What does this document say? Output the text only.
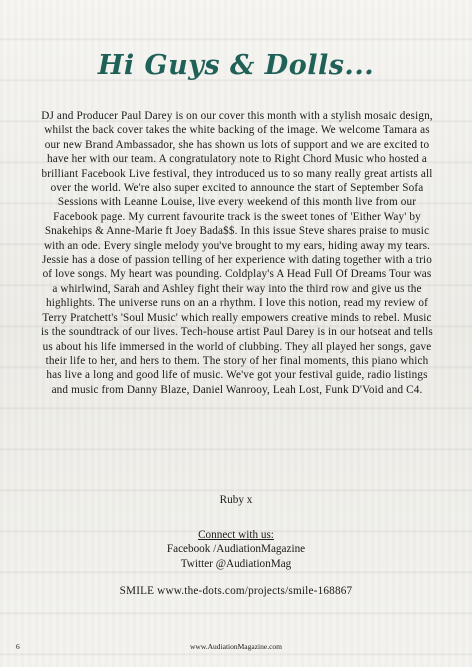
Hi Guys & Dolls...

DJ and Producer Paul Darey is on our cover this month with a stylish mosaic design, whilst the back cover takes the white backing of the image. We welcome Tamara as our new Brand Ambassador, she has shown us lots of support and we are excited to have her with our team. A congratulatory note to Right Chord Music who hosted a brilliant Facebook Live festival, they introduced us to so many really great artists all over the world. We're also super excited to announce the start of September Sofa Sessions with Leanne Louise, live every weekend of this month live from our Facebook page. My current favourite track is the sweet tones of 'Either Way' by Snakehips & Anne-Marie ft Joey Bada$$. In this issue Steve shares praise to music with an ode. Every single melody you've brought to my ears, hiding away my tears. Jessie has a dose of passion telling of her experience with dating together with a trio of love songs. My heart was pounding. Coldplay's A Head Full Of Dreams Tour was a whirlwind, Sarah and Ashley fight their way into the third row and give us the highlights. The universe runs on an a rhythm. I love this notion, read my review of Terry Pratchett's 'Soul Music' which really empowers creative minds to rebel. Music is the soundtrack of our lives. Tech-house artist Paul Darey is in our hotseat and tells us about his life immersed in the world of clubbing. They all played her songs, gave their life to her, and hers to them. The story of her final moments, this piano which has live a long and good life of music. We've got your festival guide, radio listings and music from Danny Blaze, Daniel Wanrooy, Leah Lost, Funk D'Void and C4.

Ruby x

Connect with us:
Facebook /AudiationMagazine
Twitter @AudiationMag

SMILE www.the-dots.com/projects/smile-168867

6	www.AudiationMagazine.com
